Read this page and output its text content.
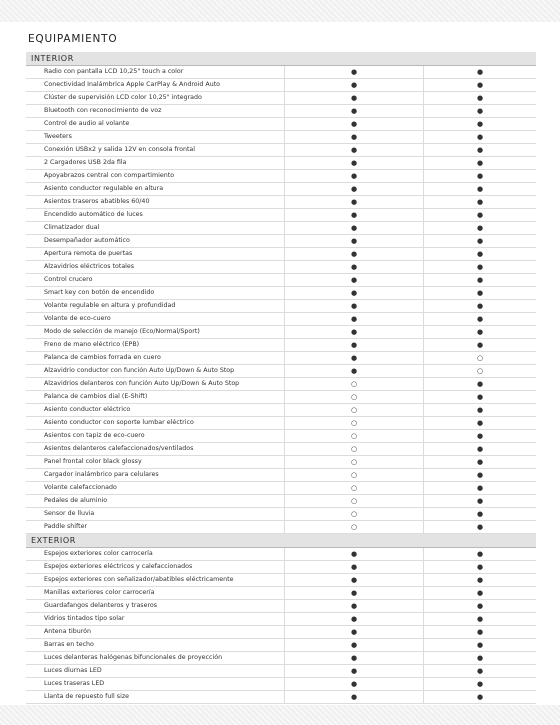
EQUIPAMIENTO
INTERIOR
Radio con pantalla LCD 10,25" touch a color	●	●
Conectividad Inalámbrica Apple CarPlay & Android Auto	●	●
Clúster de supervisión LCD color 10,25" integrado	●	●
Bluetooth con reconocimiento de voz	●	●
Control de audio al volante	●	●
Tweeters	●	●
Conexión USBx2 y salida 12V en consola frontal	●	●
2 Cargadores USB 2da fila	●	●
Apoyabrazos central con compartimiento	●	●
Asiento conductor regulable en altura	●	●
Asientos traseros abatibles 60/40	●	●
Encendido automático de luces	●	●
Climatizador dual	●	●
Desempañador automático	●	●
Apertura remota de puertas	●	●
Alzavidrios eléctricos totales	●	●
Control crucero	●	●
Smart key con botón de encendido	●	●
Volante regulable en altura y profundidad	●	●
Volante de eco-cuero	●	●
Modo de selección de manejo (Eco/Normal/Sport)	●	●
Freno de mano eléctrico (EPB)	●	●
Palanca de cambios forrada en cuero	●	○
Alzavidrio conductor con función Auto Up/Down & Auto Stop	●	○
Alzavidrios delanteros con función Auto Up/Down & Auto Stop	○	●
Palanca de cambios dial (E-Shift)	○	●
Asiento conductor eléctrico	○	●
Asiento conductor con soporte lumbar eléctrico	○	●
Asientos con tapiz de eco-cuero	○	●
Asientos delanteros calefaccionados/ventilados	○	●
Panel frontal color black glossy	○	●
Cargador inalámbrico para celulares	○	●
Volante calefaccionado	○	●
Pedales de aluminio	○	●
Sensor de lluvia	○	●
Paddle shifter	○	●
EXTERIOR
Espejos exteriores color carrocería	●	●
Espejos exteriores eléctricos y calefaccionados	●	●
Espejos exteriores con señalizador/abatibles eléctricamente	●	●
Manillas exteriores color carrocería	●	●
Guardafangos delanteros y traseros	●	●
Vidrios tintados tipo solar	●	●
Antena tiburón	●	●
Barras en techo	●	●
Luces delanteras halógenas bifuncionales de proyección	●	●
Luces diurnas LED	●	●
Luces traseras LED	●	●
Llanta de repuesto full size	●	●
